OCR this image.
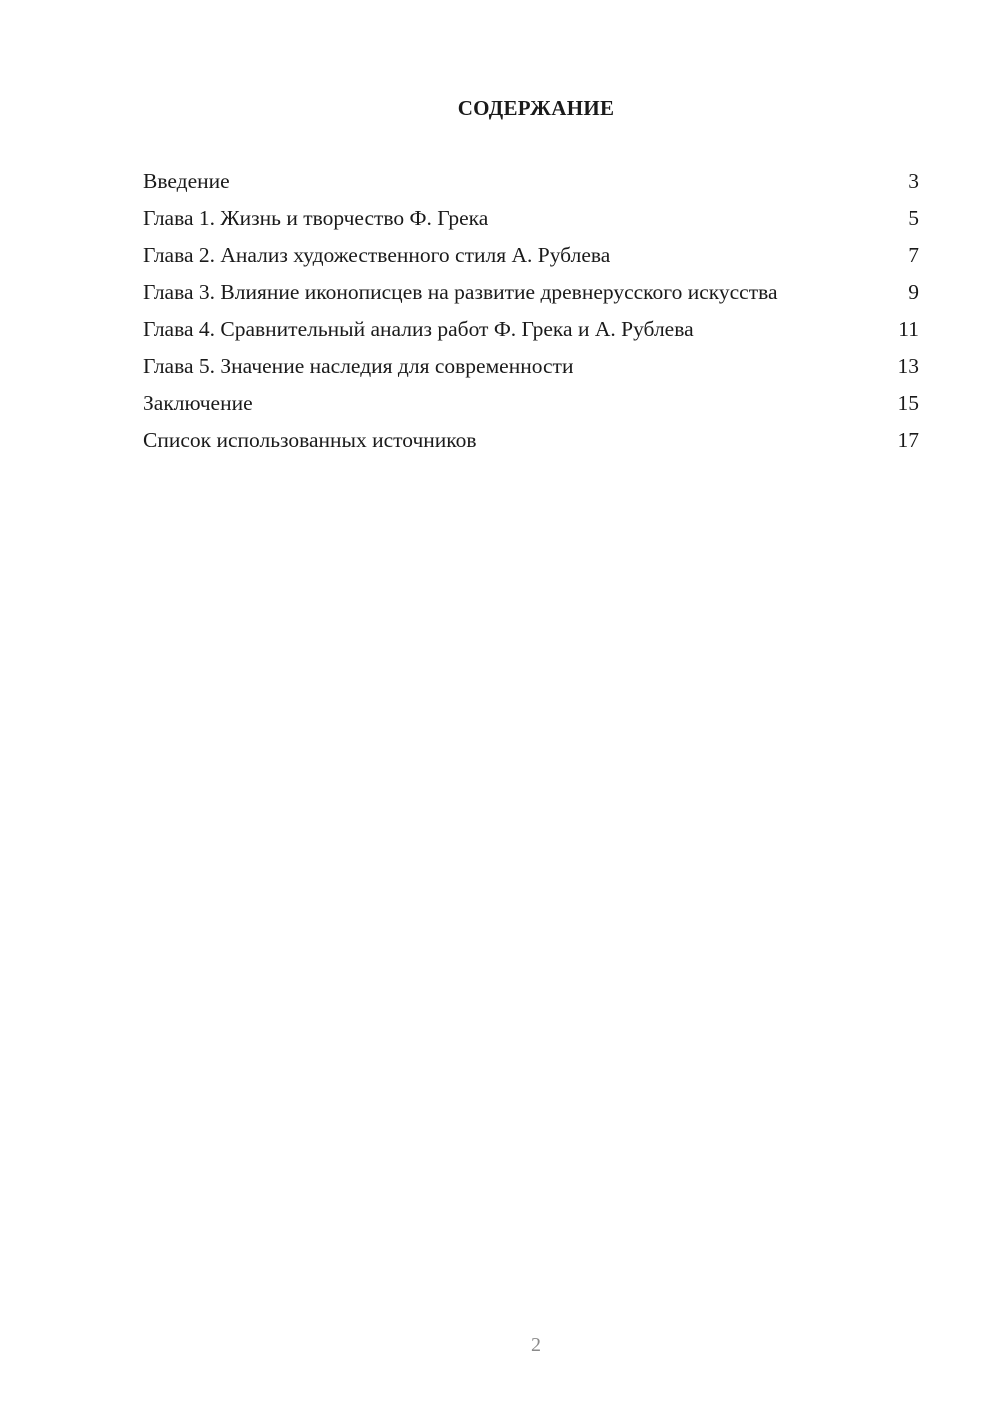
СОДЕРЖАНИЕ
Введение	3
Глава 1. Жизнь и творчество Ф. Грека	5
Глава 2. Анализ художественного стиля А. Рублева	7
Глава 3. Влияние иконописцев на развитие древнерусского искусства	9
Глава 4. Сравнительный анализ работ Ф. Грека и А. Рублева	11
Глава 5. Значение наследия для современности	13
Заключение	15
Список использованных источников	17
2
